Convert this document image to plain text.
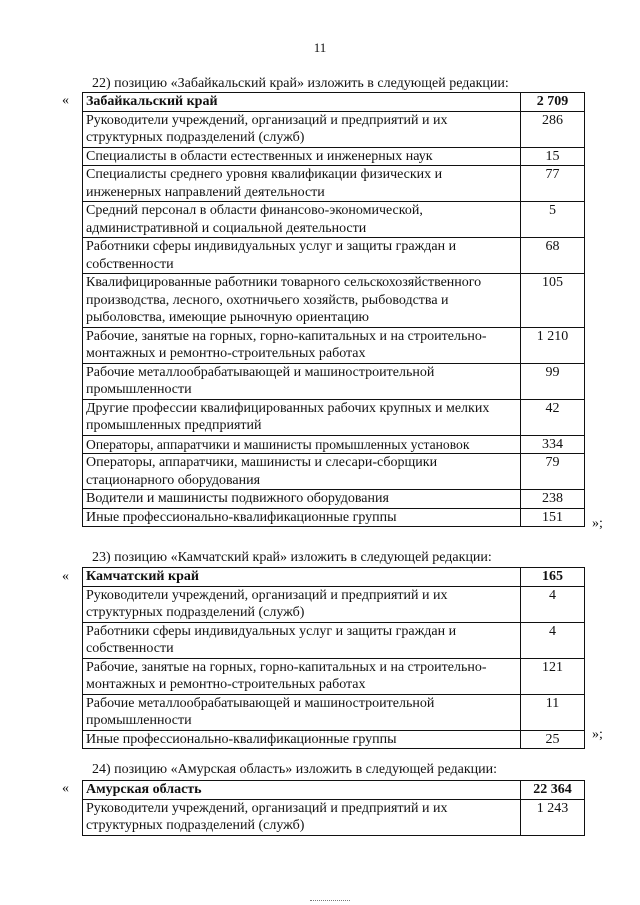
11
22) позицию «Забайкальский край» изложить в следующей редакции:
« Забайкальский край	2 709
Руководители учреждений, организаций и предприятий и их структурных подразделений (служб)	286
Специалисты в области естественных и инженерных наук	15
Специалисты среднего уровня квалификации физических и инженерных направлений деятельности	77
Средний персонал в области финансово-экономической, административной и социальной деятельности	5
Работники сферы индивидуальных услуг и защиты граждан и собственности	68
Квалифицированные работники товарного сельскохозяйственного производства, лесного, охотничьего хозяйств, рыбоводства и рыболовства, имеющие рыночную ориентацию	105
Рабочие, занятые на горных, горно-капитальных и на строительно-монтажных и ремонтно-строительных работах	1 210
Рабочие металлообрабатывающей и машиностроительной промышленности	99
Другие профессии квалифицированных рабочих крупных и мелких промышленных предприятий	42
Операторы, аппаратчики и машинисты промышленных установок	334
Операторы, аппаратчики, машинисты и слесари-сборщики стационарного оборудования	79
Водители и машинисты подвижного оборудования	238
Иные профессионально-квалификационные группы	151 »;
23) позицию «Камчатский край» изложить в следующей редакции:
« Камчатский край	165
Руководители учреждений, организаций и предприятий и их структурных подразделений (служб)	4
Работники сферы индивидуальных услуг и защиты граждан и собственности	4
Рабочие, занятые на горных, горно-капитальных и на строительно-монтажных и ремонтно-строительных работах	121
Рабочие металлообрабатывающей и машиностроительной промышленности	11
Иные профессионально-квалификационные группы	25 »;
24) позицию «Амурская область» изложить в следующей редакции:
« Амурская область	22 364
Руководители учреждений, организаций и предприятий и их структурных подразделений (служб)	1 243
